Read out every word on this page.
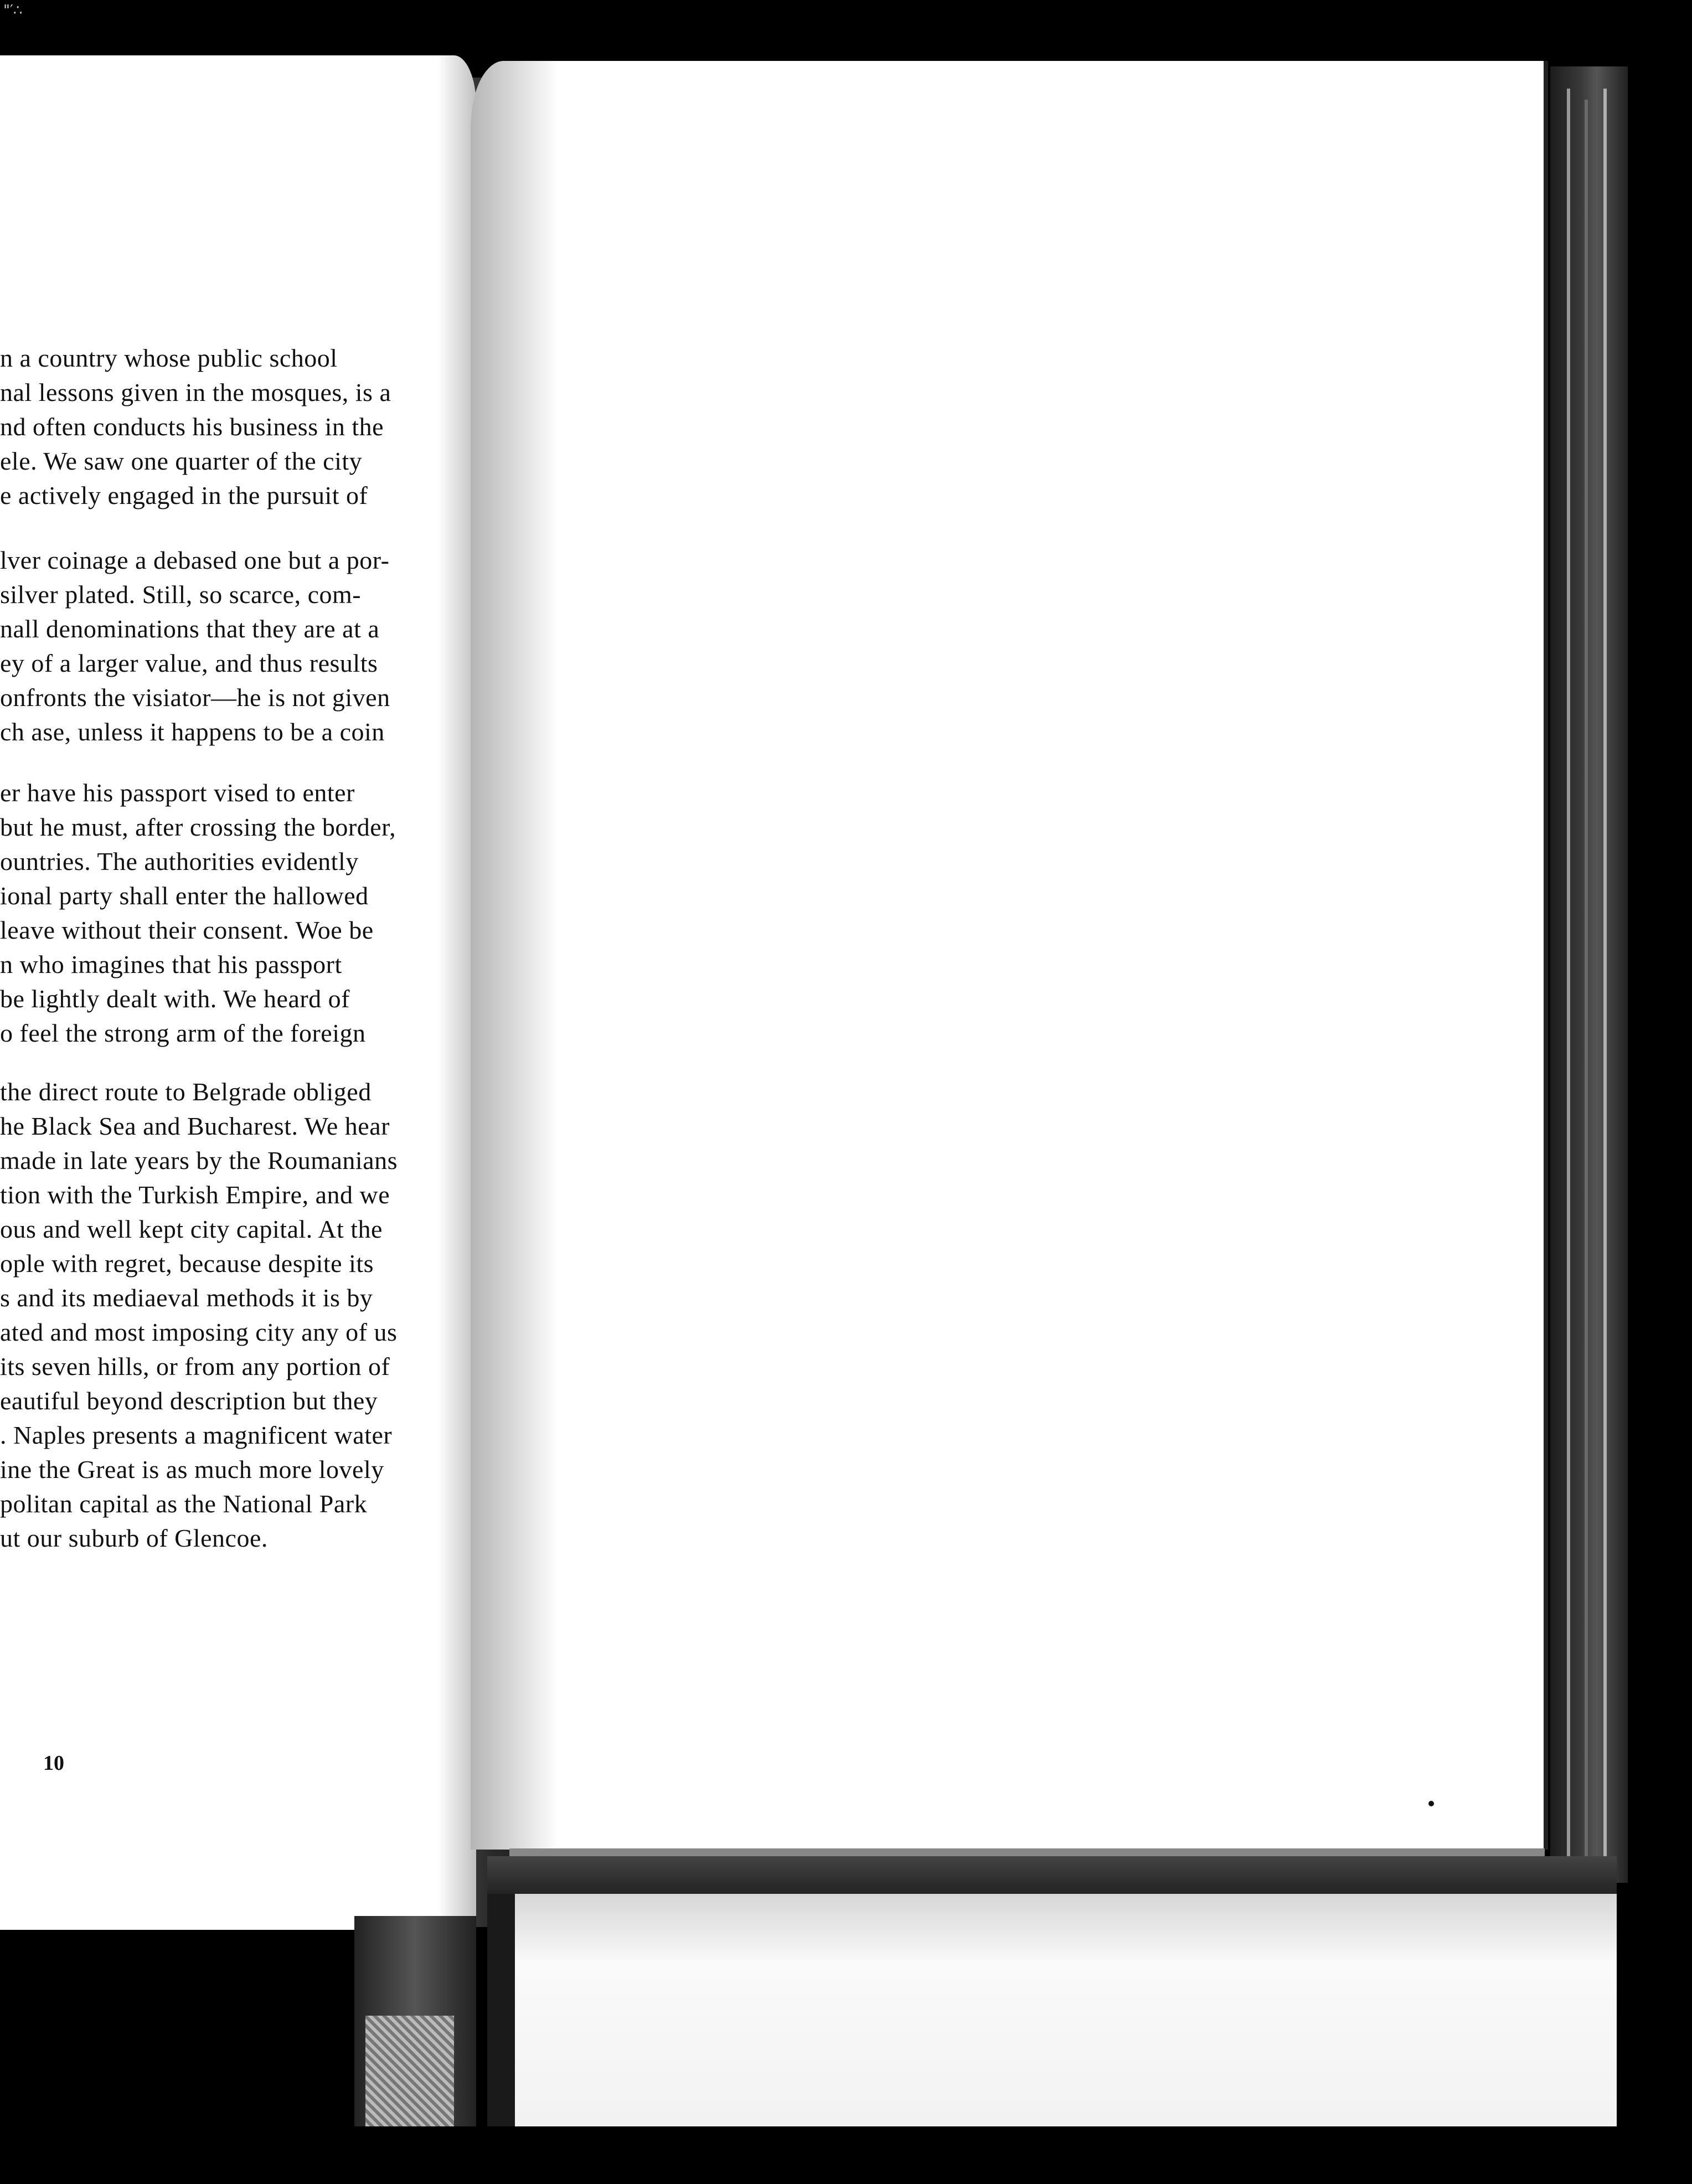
"′∴
n a country whose public school
nal lessons given in the mosques, is a
nd often conducts his business in the
ele. We saw one quarter of the city
e actively engaged in the pursuit of
lver coinage a debased one but a por-
silver plated. Still, so scarce, com-
nall denominations that they are at a
ey of a larger value, and thus results
onfronts the visiator—he is not given
ch ase, unless it happens to be a coin
er have his passport vised to enter
but he must, after crossing the border,
ountries. The authorities evidently
ional party shall enter the hallowed
leave without their consent. Woe be
n who imagines that his passport
be lightly dealt with. We heard of
o feel the strong arm of the foreign
the direct route to Belgrade obliged
he Black Sea and Bucharest. We hear
made in late years by the Roumanians
tion with the Turkish Empire, and we
ous and well kept city capital. At the
ople with regret, because despite its
s and its mediaeval methods it is by
ated and most imposing city any of us
its seven hills, or from any portion of
eautiful beyond description but they
. Naples presents a magnificent water
ine the Great is as much more lovely
politan capital as the National Park
ut our suburb of Glencoe.
10
